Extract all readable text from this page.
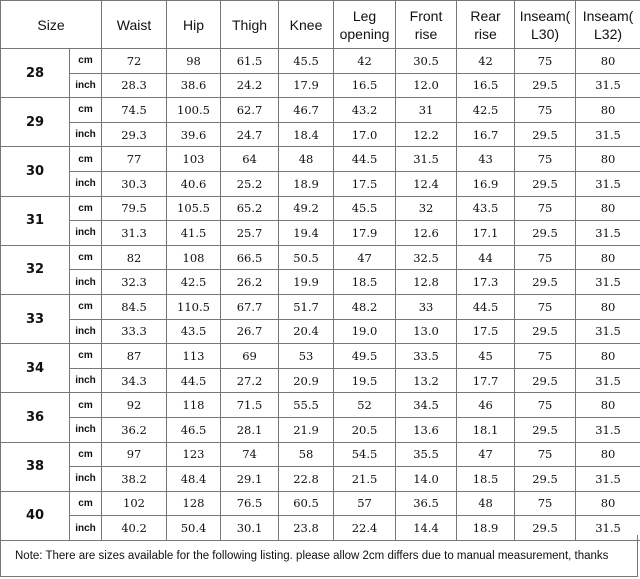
Size		Waist	Hip	Thigh	Knee	Leg opening	Front rise	Rear rise	Inseam( L30)	Inseam( L32)
28	cm	72	98	61.5	45.5	42	30.5	42	75	80
	inch	28.3	38.6	24.2	17.9	16.5	12.0	16.5	29.5	31.5
29	cm	74.5	100.5	62.7	46.7	43.2	31	42.5	75	80
	inch	29.3	39.6	24.7	18.4	17.0	12.2	16.7	29.5	31.5
30	cm	77	103	64	48	44.5	31.5	43	75	80
	inch	30.3	40.6	25.2	18.9	17.5	12.4	16.9	29.5	31.5
31	cm	79.5	105.5	65.2	49.2	45.5	32	43.5	75	80
	inch	31.3	41.5	25.7	19.4	17.9	12.6	17.1	29.5	31.5
32	cm	82	108	66.5	50.5	47	32.5	44	75	80
	inch	32.3	42.5	26.2	19.9	18.5	12.8	17.3	29.5	31.5
33	cm	84.5	110.5	67.7	51.7	48.2	33	44.5	75	80
	inch	33.3	43.5	26.7	20.4	19.0	13.0	17.5	29.5	31.5
34	cm	87	113	69	53	49.5	33.5	45	75	80
	inch	34.3	44.5	27.2	20.9	19.5	13.2	17.7	29.5	31.5
36	cm	92	118	71.5	55.5	52	34.5	46	75	80
	inch	36.2	46.5	28.1	21.9	20.5	13.6	18.1	29.5	31.5
38	cm	97	123	74	58	54.5	35.5	47	75	80
	inch	38.2	48.4	29.1	22.8	21.5	14.0	18.5	29.5	31.5
40	cm	102	128	76.5	60.5	57	36.5	48	75	80
	inch	40.2	50.4	30.1	23.8	22.4	14.4	18.9	29.5	31.5
Note: There are sizes available for the following listing. please allow 2cm differs due to manual measurement, thanks
